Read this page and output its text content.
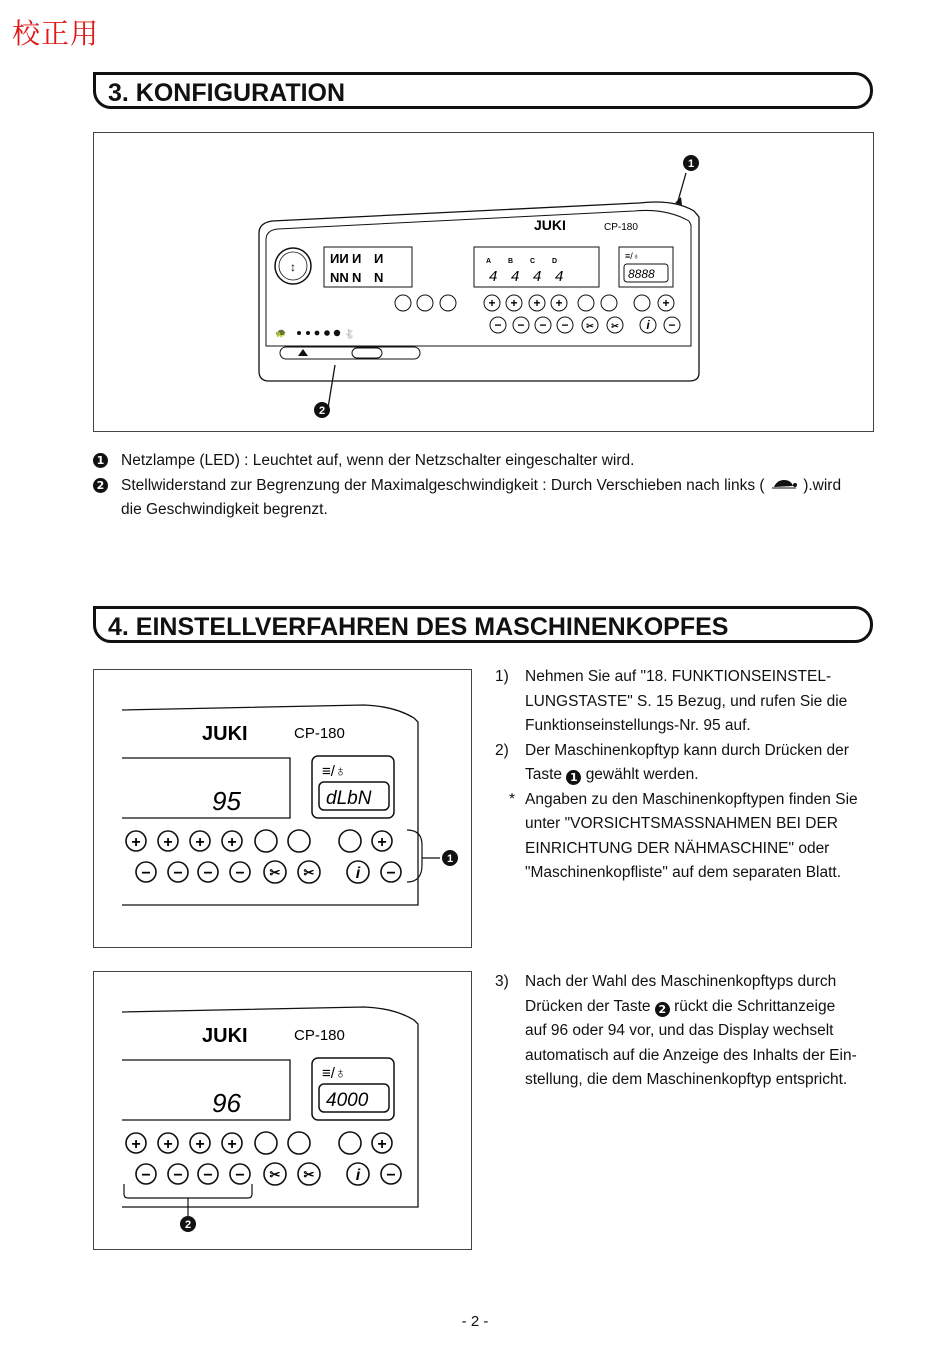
校正用
3. KONFIGURATION
1
JUKI	CP-180
↕
ИИ И И
NN N N
A B C D
4 4 4 4
≡/♁
8888
+ + + +	+
− − − −	−
i
✂ ✂
🐢	🐇
2
1 Netzlampe (LED) : Leuchtet auf, wenn der Netzschalter eingeschalter wird.
2 Stellwiderstand zur Begrenzung der Maximalgeschwindigkeit : Durch Verschieben nach links ( ).wird
die Geschwindigkeit begrenzt.
4. EINSTELLVERFAHREN DES MASCHINENKOPFES
JUKI	CP-180
95
≡/♁
dLbN
+ + + +	+
− − − −	−
i
✂ ✂
1
1) Nehmen Sie auf "18. FUNKTIONSEINSTEL-
LUNGSTASTE" S. 15 Bezug, und rufen Sie die
Funktionseinstellungs-Nr. 95 auf.
2) Der Maschinenkopftyp kann durch Drücken der
Taste 1 gewählt werden.
* Angaben zu den Maschinenkopftypen finden Sie
unter "VORSICHTSMASSNAHMEN BEI DER
EINRICHTUNG DER NÄHMASCHINE" oder
"Maschinenkopfliste" auf dem separaten Blatt.
JUKI	CP-180
96
≡/♁
4000
+ + + +	+
− − − −	−
i
✂ ✂
2
3) Nach der Wahl des Maschinenkopftyps durch
Drücken der Taste 2 rückt die Schrittanzeige
auf 96 oder 94 vor, und das Display wechselt
automatisch auf die Anzeige des Inhalts der Ein-
stellung, die dem Maschinenkopftyp entspricht.
- 2 -
